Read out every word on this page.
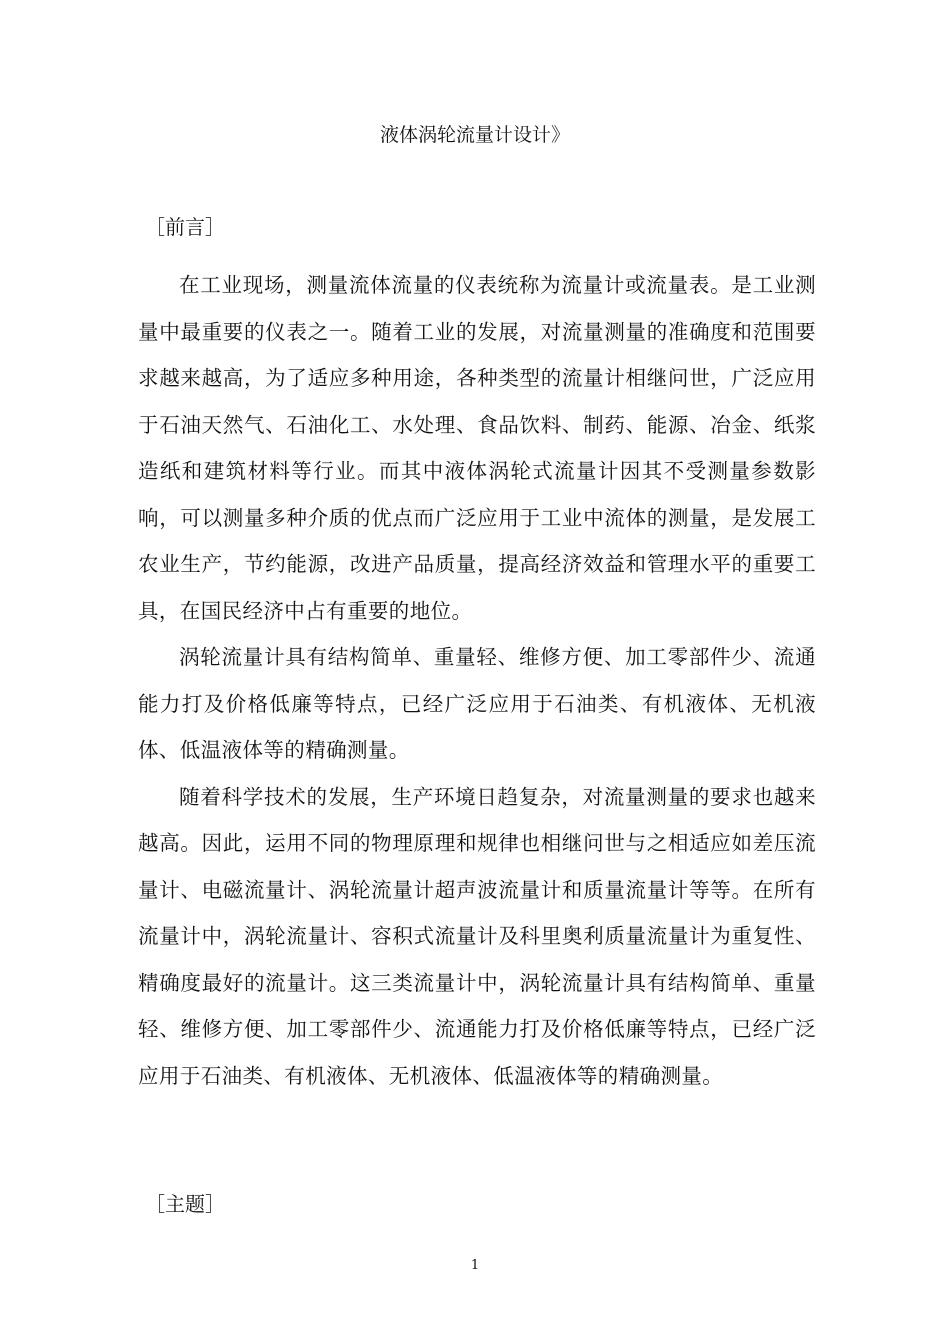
液体涡轮流量计设计》
［前言］

在工业现场，测量流体流量的仪表统称为流量计或流量表。是工业测量中最重要的仪表之一。随着工业的发展，对流量测量的准确度和范围要求越来越高，为了适应多种用途，各种类型的流量计相继问世，广泛应用于石油天然气、石油化工、水处理、食品饮料、制药、能源、冶金、纸浆造纸和建筑材料等行业。而其中液体涡轮式流量计因其不受测量参数影响，可以测量多种介质的优点而广泛应用于工业中流体的测量，是发展工农业生产，节约能源，改进产品质量，提高经济效益和管理水平的重要工具，在国民经济中占有重要的地位。

涡轮流量计具有结构简单、重量轻、维修方便、加工零部件少、流通能力打及价格低廉等特点，已经广泛应用于石油类、有机液体、无机液体、低温液体等的精确测量。

随着科学技术的发展，生产环境日趋复杂，对流量测量的要求也越来越高。因此，运用不同的物理原理和规律也相继问世与之相适应如差压流量计、电磁流量计、涡轮流量计超声波流量计和质量流量计等等。在所有流量计中，涡轮流量计、容积式流量计及科里奥利质量流量计为重复性、精确度最好的流量计。这三类流量计中，涡轮流量计具有结构简单、重量轻、维修方便、加工零部件少、流通能力打及价格低廉等特点，已经广泛应用于石油类、有机液体、无机液体、低温液体等的精确测量。

［主题］
1
